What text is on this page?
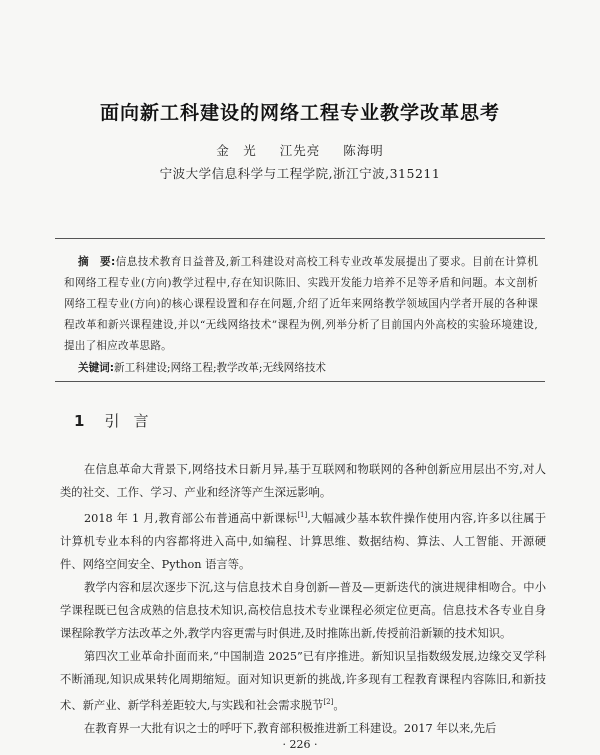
面向新工科建设的网络工程专业教学改革思考
金　光 江先亮 陈海明
宁波大学信息科学与工程学院,浙江宁波,315211
摘　要:信息技术教育日益普及,新工科建设对高校工科专业改革发展提出了要求。目前在计算机和网络工程专业(方向)教学过程中,存在知识陈旧、实践开发能力培养不足等矛盾和问题。本文剖析网络工程专业(方向)的核心课程设置和存在问题,介绍了近年来网络教学领域国内学者开展的各种课程改革和新兴课程建设,并以“无线网络技术”课程为例,列举分析了目前国内外高校的实验环境建设,提出了相应改革思路。
关键词:新工科建设;网络工程;教学改革;无线网络技术
1 引言

在信息革命大背景下,网络技术日新月异,基于互联网和物联网的各种创新应用层出不穷,对人类的社交、工作、学习、产业和经济等产生深远影响。

2018 年 1 月,教育部公布普通高中新课标[1],大幅减少基本软件操作使用内容,许多以往属于计算机专业本科的内容都将进入高中,如编程、计算思维、数据结构、算法、人工智能、开源硬件、网络空间安全、Python 语言等。

教学内容和层次逐步下沉,这与信息技术自身创新—普及—更新迭代的演进规律相吻合。中小学课程既已包含成熟的信息技术知识,高校信息技术专业课程必须定位更高。信息技术各专业自身课程除教学方法改革之外,教学内容更需与时俱进,及时推陈出新,传授前沿新颖的技术知识。

第四次工业革命扑面而来,“中国制造 2025”已有序推进。新知识呈指数级发展,边缘交叉学科不断涌现,知识成果转化周期缩短。面对知识更新的挑战,许多现有工程教育课程内容陈旧,和新技术、新产业、新学科差距较大,与实践和社会需求脱节[2]。

在教育界一大批有识之士的呼吁下,教育部积极推进新工科建设。2017 年以来,先后

· 226 ·
